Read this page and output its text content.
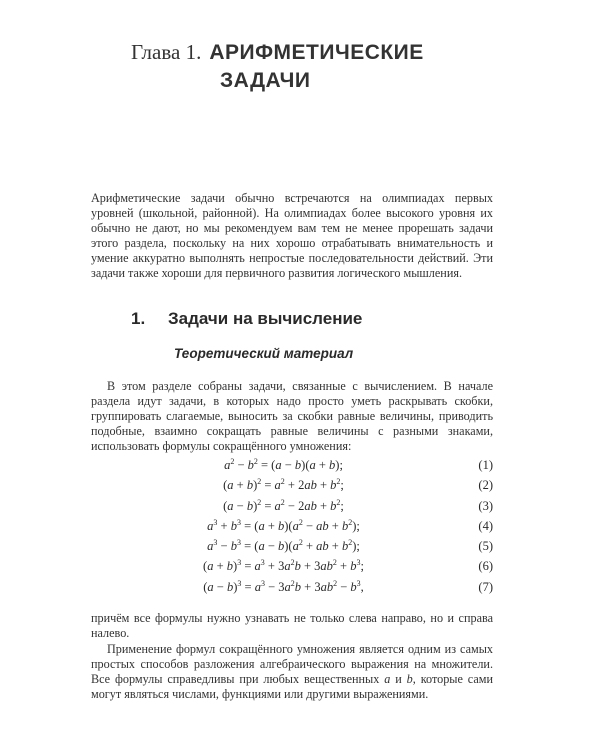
Глава 1. АРИФМЕТИЧЕСКИЕ
ЗАДАЧИ

Арифметические задачи обычно встречаются на олимпиадах первых уровней (школьной, районной). На олимпиадах более высокого уровня их обычно не дают, но мы рекомендуем вам тем не менее прорешать задачи этого раздела, поскольку на них хорошо отрабатывать внимательность и умение аккуратно выполнять непростые последовательности действий. Эти задачи также хороши для первичного развития логического мышления.

1. Задачи на вычисление
Теоретический материал

В этом разделе собраны задачи, связанные с вычислением. В начале раздела идут задачи, в которых надо просто уметь раскрывать скобки, группировать слагаемые, выносить за скобки равные величины, приводить подобные, взаимно сокращать равные величины с разными знаками, использовать формулы сокращённого умножения:

$a^2 - b^2 = (a - b)(a + b)$;	(1)
$(a + b)^2 = a^2 + 2ab + b^2$;	(2)
$(a - b)^2 = a^2 - 2ab + b^2$;	(3)
$a^3 + b^3 = (a + b)(a^2$ − ab + $b^2$);	(4)
$a^3 - b^3 = (a - b)(a^2$ + ab + $b^2$);	(5)
$(a + b)^3 = a^3 + 3a^2b + 3ab^2 + b^3$;	(6)
$(a - b)^3 = a^3 - 3a^2b + 3ab^2 - b^3$,	(7)

причём все формулы нужно узнавать не только слева направо, но и справа налево.

Применение формул сокращённого умножения является одним из самых простых способов разложения алгебраического выражения на множители. Все формулы справедливы при любых вещественных a и b, которые сами могут являться числами, функциями или другими выражениями.
